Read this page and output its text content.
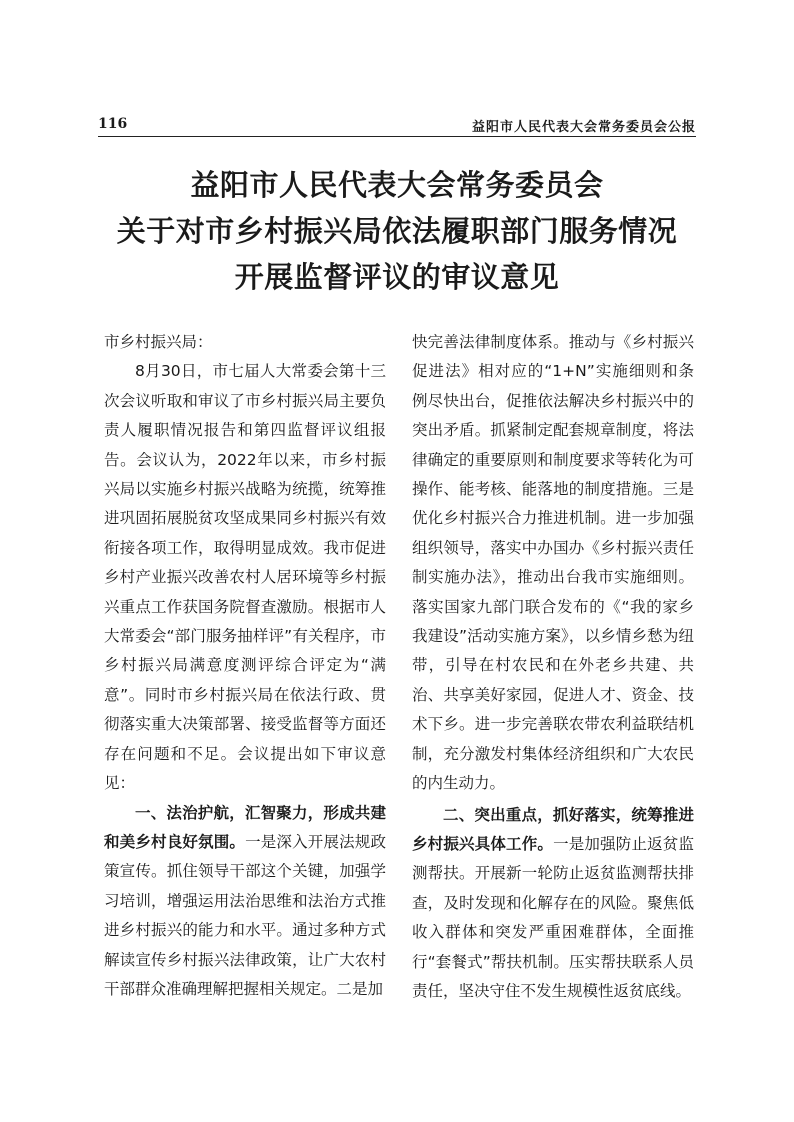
116	益阳市人民代表大会常务委员会公报
益阳市人民代表大会常务委员会
关于对市乡村振兴局依法履职部门服务情况
开展监督评议的审议意见

市乡村振兴局：

8月30日，市七届人大常委会第十三次会议听取和审议了市乡村振兴局主要负责人履职情况报告和第四监督评议组报告。会议认为，2022年以来，市乡村振兴局以实施乡村振兴战略为统揽，统筹推进巩固拓展脱贫攻坚成果同乡村振兴有效衔接各项工作，取得明显成效。我市促进乡村产业振兴改善农村人居环境等乡村振兴重点工作获国务院督查激励。根据市人大常委会“部门服务抽样评”有关程序，市乡村振兴局满意度测评综合评定为“满意”。同时市乡村振兴局在依法行政、贯彻落实重大决策部署、接受监督等方面还存在问题和不足。会议提出如下审议意见：

一、法治护航，汇智聚力，形成共建和美乡村良好氛围。一是深入开展法规政策宣传。抓住领导干部这个关键，加强学习培训，增强运用法治思维和法治方式推进乡村振兴的能力和水平。通过多种方式解读宣传乡村振兴法律政策，让广大农村干部群众准确理解把握相关规定。二是加

快完善法律制度体系。推动与《乡村振兴促进法》相对应的“1+N”实施细则和条例尽快出台，促推依法解决乡村振兴中的突出矛盾。抓紧制定配套规章制度，将法律确定的重要原则和制度要求等转化为可操作、能考核、能落地的制度措施。三是优化乡村振兴合力推进机制。进一步加强组织领导，落实中办国办《乡村振兴责任制实施办法》，推动出台我市实施细则。落实国家九部门联合发布的《“我的家乡我建设”活动实施方案》，以乡情乡愁为纽带，引导在村农民和在外老乡共建、共治、共享美好家园，促进人才、资金、技术下乡。进一步完善联农带农利益联结机制，充分激发村集体经济组织和广大农民的内生动力。

二、突出重点，抓好落实，统筹推进乡村振兴具体工作。一是加强防止返贫监测帮扶。开展新一轮防止返贫监测帮扶排查，及时发现和化解存在的风险。聚焦低收入群体和突发严重困难群体，全面推行“套餐式”帮扶机制。压实帮扶联系人员责任，坚决守住不发生规模性返贫底线。
